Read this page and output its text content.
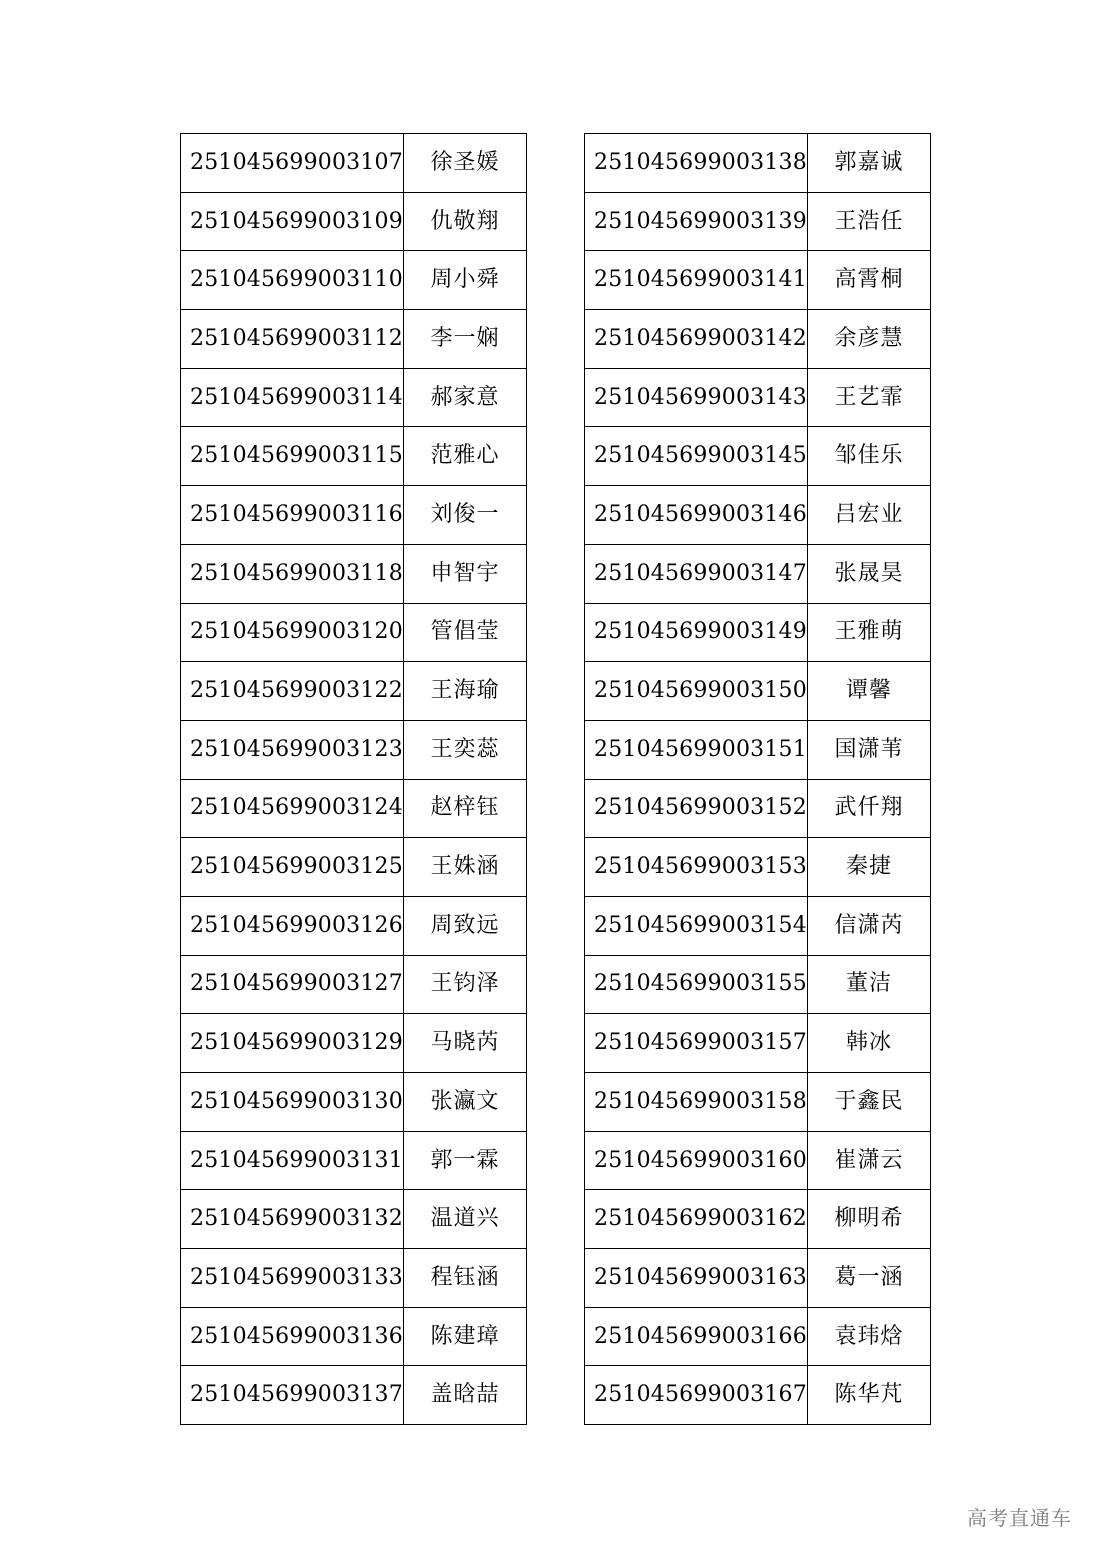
251045699003107	徐圣媛
251045699003109	仇敬翔
251045699003110	周小舜
251045699003112	李一娴
251045699003114	郝家意
251045699003115	范雅心
251045699003116	刘俊一
251045699003118	申智宇
251045699003120	管倡莹
251045699003122	王海瑜
251045699003123	王奕蕊
251045699003124	赵梓钰
251045699003125	王姝涵
251045699003126	周致远
251045699003127	王钧泽
251045699003129	马晓芮
251045699003130	张瀛文
251045699003131	郭一霖
251045699003132	温道兴
251045699003133	程钰涵
251045699003136	陈建璋
251045699003137	盖晗喆
251045699003138	郭嘉诚
251045699003139	王浩任
251045699003141	高霄桐
251045699003142	余彦慧
251045699003143	王艺霏
251045699003145	邹佳乐
251045699003146	吕宏业
251045699003147	张晟昊
251045699003149	王雅萌
251045699003150	谭馨
251045699003151	国潇苇
251045699003152	武仟翔
251045699003153	秦捷
251045699003154	信潇芮
251045699003155	董洁
251045699003157	韩冰
251045699003158	于鑫民
251045699003160	崔潇云
251045699003162	柳明希
251045699003163	葛一涵
251045699003166	袁玮焓
251045699003167	陈华芃
高考直通车
